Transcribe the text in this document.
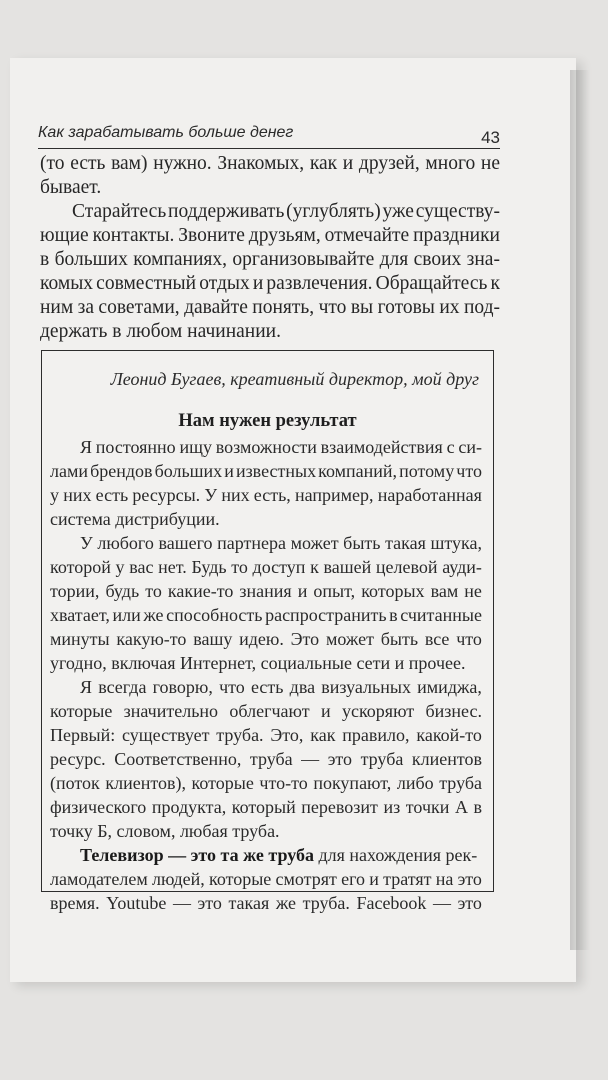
Как зарабатывать больше денег	43
(то есть вам) нужно. Знакомых, как и друзей, много не
бывает.
Старайтесь поддерживать (углублять) уже существу-
ющие контакты. Звоните друзьям, отмечайте праздники
в больших компаниях, организовывайте для своих зна-
комых совместный отдых и развлечения. Обращайтесь к
ним за советами, давайте понять, что вы готовы их под-
держать в любом начинании.
Леонид Бугаев, креативный директор, мой друг
Нам нужен результат
Я постоянно ищу возможности взаимодействия с си-
лами брендов больших и известных компаний, потому что
у них есть ресурсы. У них есть, например, наработанная
система дистрибуции.
У любого вашего партнера может быть такая штука,
которой у вас нет. Будь то доступ к вашей целевой ауди-
тории, будь то какие-то знания и опыт, которых вам не
хватает, или же способность распространить в считанные
минуты какую-то вашу идею. Это может быть все что
угодно, включая Интернет, социальные сети и прочее.
Я всегда говорю, что есть два визуальных имиджа,
которые значительно облегчают и ускоряют бизнес.
Первый: существует труба. Это, как правило, какой-то
ресурс. Соответственно, труба — это труба клиентов
(поток клиентов), которые что-то покупают, либо труба
физического продукта, который перевозит из точки А в
точку Б, словом, любая труба.
Телевизор — это та же труба для нахождения рек-
ламодателем людей, которые смотрят его и тратят на это
время. Youtube — это такая же труба. Facebook — это
